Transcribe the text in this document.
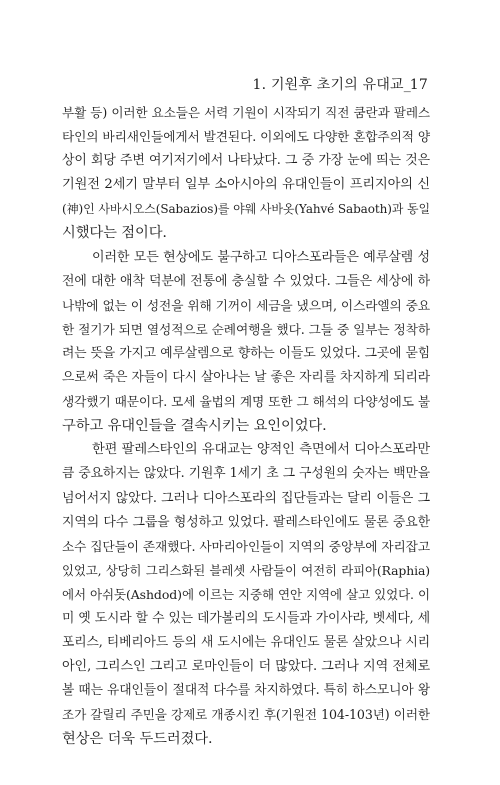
1. 기원후 초기의 유대교_17
부활 등) 이러한 요소들은 서력 기원이 시작되기 직전 쿰란과 팔레스
타인의 바리새인들에게서 발견된다. 이외에도 다양한 혼합주의적 양
상이 회당 주변 여기저기에서 나타났다. 그 중 가장 눈에 띄는 것은
기원전 2세기 말부터 일부 소아시아의 유대인들이 프리지아의 신
(神)인 사바시오스(Sabazios)를 야웨 사바옷(Yahvé Sabaoth)과 동일
시했다는 점이다.
이러한 모든 현상에도 불구하고 디아스포라들은 예루살렘 성
전에 대한 애착 덕분에 전통에 충실할 수 있었다. 그들은 세상에 하
나밖에 없는 이 성전을 위해 기꺼이 세금을 냈으며, 이스라엘의 중요
한 절기가 되면 열성적으로 순례여행을 했다. 그들 중 일부는 정착하
려는 뜻을 가지고 예루살렘으로 향하는 이들도 있었다. 그곳에 묻힘
으로써 죽은 자들이 다시 살아나는 날 좋은 자리를 차지하게 되리라
생각했기 때문이다. 모세 율법의 계명 또한 그 해석의 다양성에도 불
구하고 유대인들을 결속시키는 요인이었다.
한편 팔레스타인의 유대교는 양적인 측면에서 디아스포라만
큼 중요하지는 않았다. 기원후 1세기 초 그 구성원의 숫자는 백만을
넘어서지 않았다. 그러나 디아스포라의 집단들과는 달리 이들은 그
지역의 다수 그룹을 형성하고 있었다. 팔레스타인에도 물론 중요한
소수 집단들이 존재했다. 사마리아인들이 지역의 중앙부에 자리잡고
있었고, 상당히 그리스화된 블레셋 사람들이 여전히 라피아(Raphia)
에서 아쉬돗(Ashdod)에 이르는 지중해 연안 지역에 살고 있었다. 이
미 옛 도시라 할 수 있는 데가볼리의 도시들과 가이사랴, 벳세다, 세
포리스, 티베리아드 등의 새 도시에는 유대인도 물론 살았으나 시리
아인, 그리스인 그리고 로마인들이 더 많았다. 그러나 지역 전체로
볼 때는 유대인들이 절대적 다수를 차지하였다. 특히 하스모니아 왕
조가 갈릴리 주민을 강제로 개종시킨 후(기원전 104-103년) 이러한
현상은 더욱 두드러졌다.
